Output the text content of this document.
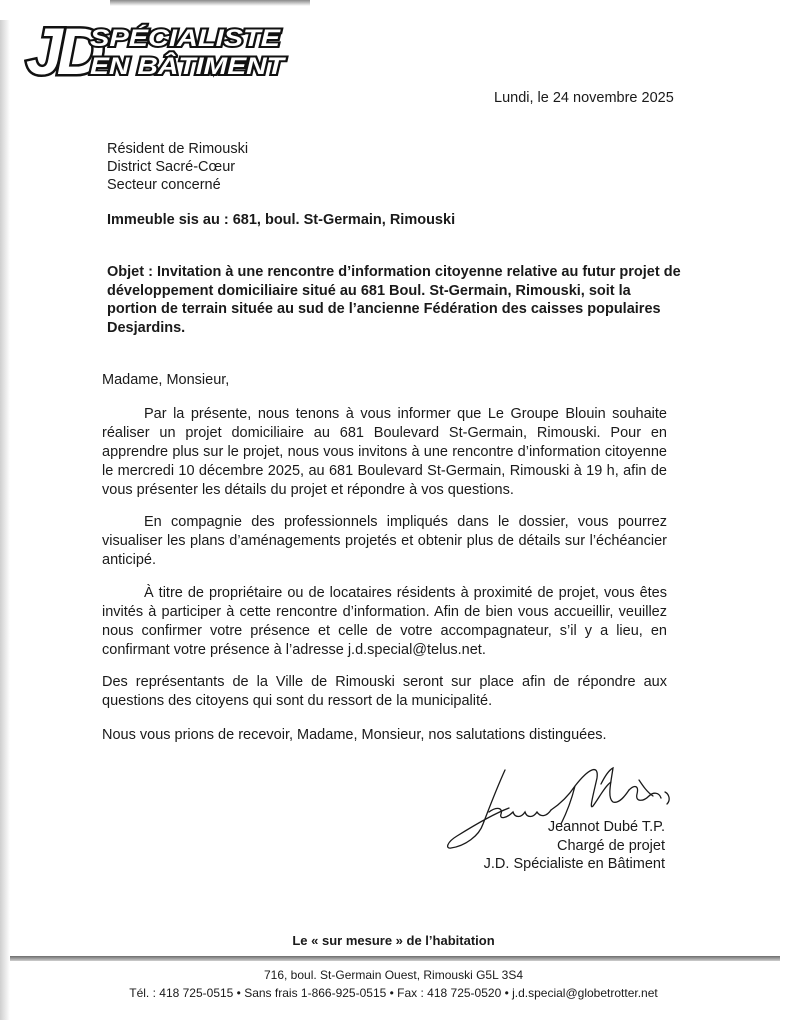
JD
SPÉCIALISTE
EN BÂTIMENT
Lundi, le 24 novembre 2025
Résident de Rimouski
District Sacré-Cœur
Secteur concerné
Immeuble sis au : 681, boul. St-Germain, Rimouski
Objet : Invitation à une rencontre d’information citoyenne relative au futur projet de développement domiciliaire situé au 681 Boul. St-Germain, Rimouski, soit la portion de terrain située au sud de l’ancienne Fédération des caisses populaires Desjardins.
Madame, Monsieur,
Par la présente, nous tenons à vous informer que Le Groupe Blouin souhaite réaliser un projet domiciliaire au 681 Boulevard St-Germain, Rimouski. Pour en apprendre plus sur le projet, nous vous invitons à une rencontre d’information citoyenne le mercredi 10 décembre 2025, au 681 Boulevard St-Germain, Rimouski à 19 h, afin de vous présenter les détails du projet et répondre à vos questions.
En compagnie des professionnels impliqués dans le dossier, vous pourrez visualiser les plans d’aménagements projetés et obtenir plus de détails sur l’échéancier anticipé.
À titre de propriétaire ou de locataires résidents à proximité de projet, vous êtes invités à participer à cette rencontre d’information. Afin de bien vous accueillir, veuillez nous confirmer votre présence et celle de votre accompagnateur, s’il y a lieu, en confirmant votre présence à l’adresse j.d.special@telus.net.
Des représentants de la Ville de Rimouski seront sur place afin de répondre aux questions des citoyens qui sont du ressort de la municipalité.
Nous vous prions de recevoir, Madame, Monsieur, nos salutations distinguées.
Jeannot Dubé T.P.
Chargé de projet
J.D. Spécialiste en Bâtiment
Le « sur mesure » de l’habitation
716, boul. St-Germain Ouest, Rimouski G5L 3S4
Tél. : 418 725-0515 • Sans frais 1-866-925-0515 • Fax : 418 725-0520 • j.d.special@globetrotter.net
